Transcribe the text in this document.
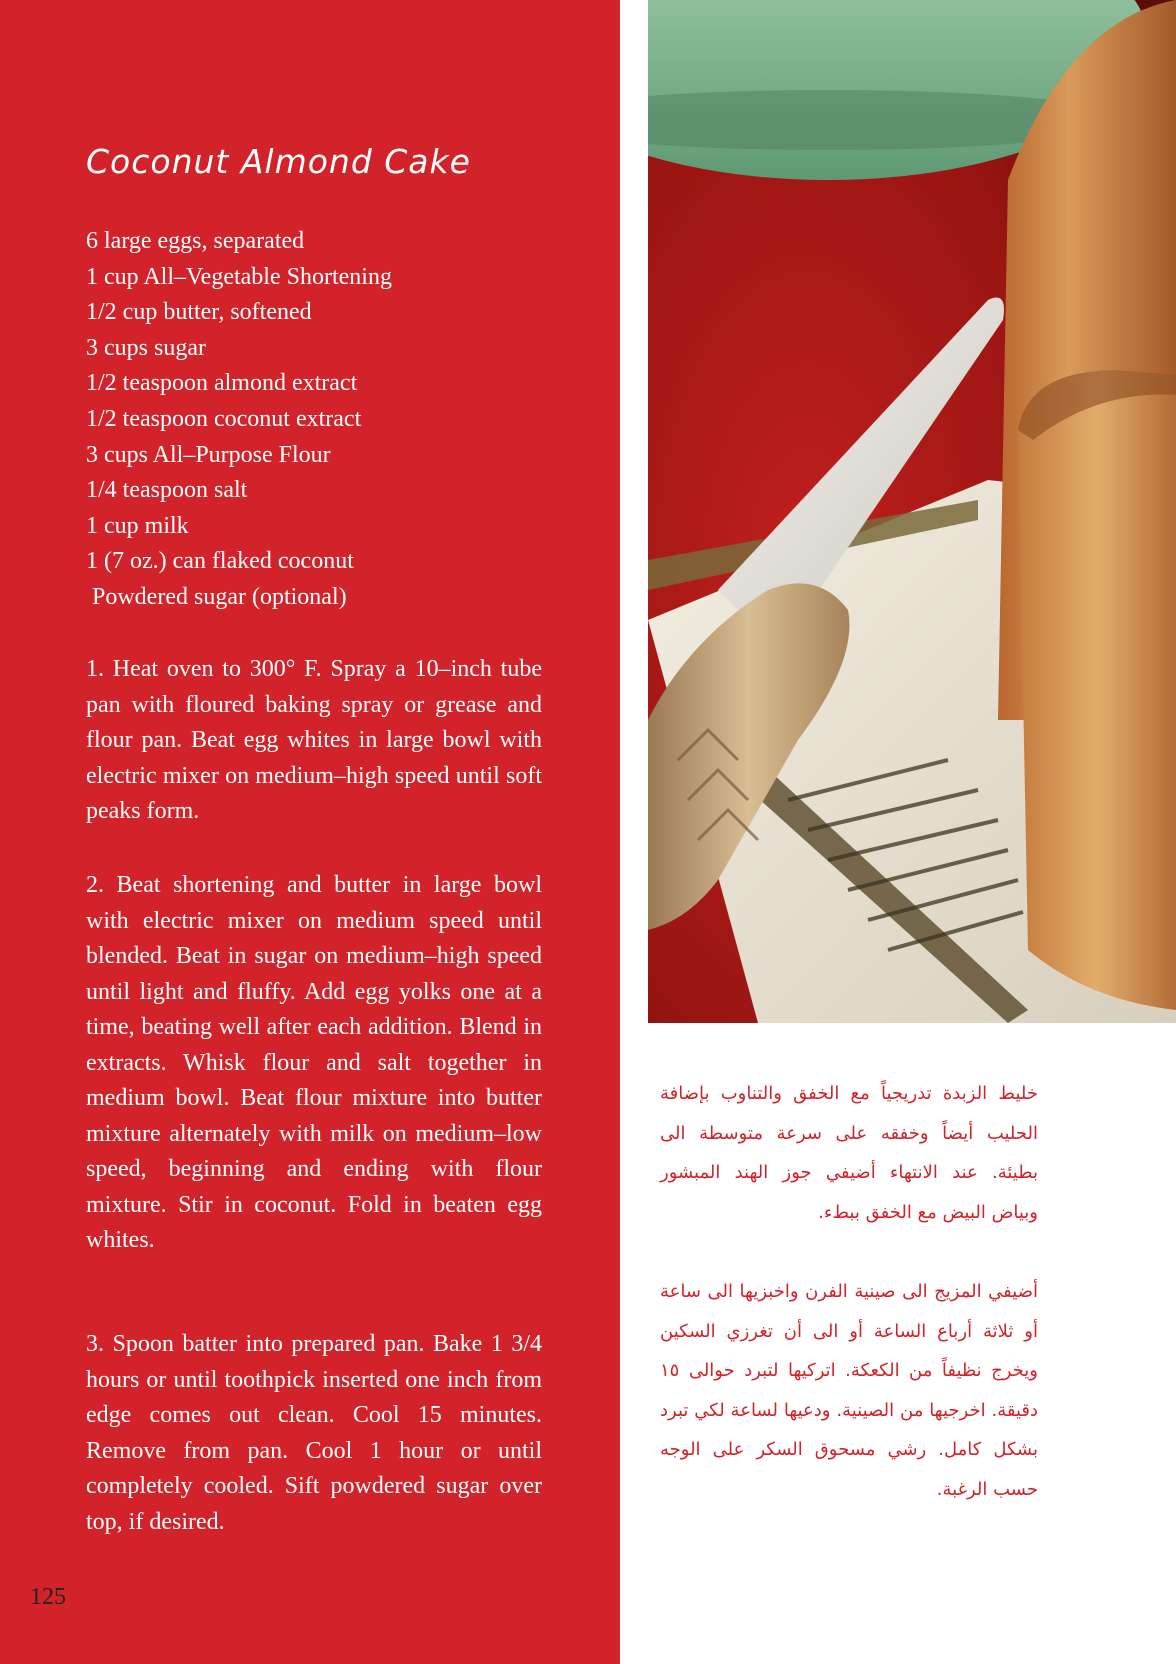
Coconut Almond Cake
6 large eggs, separated
1 cup All–Vegetable Shortening
1/2 cup butter, softened
3 cups sugar
1/2 teaspoon almond extract
1/2 teaspoon coconut extract
3 cups All–Purpose Flour
1/4 teaspoon salt
1 cup milk
1 (7 oz.) can flaked coconut
Powdered sugar (optional)

1. Heat oven to 300° F. Spray a 10–inch tube pan with floured baking spray or grease and flour pan. Beat egg whites in large bowl with electric mixer on medium–high speed until soft peaks form.

2. Beat shortening and butter in large bowl with electric mixer on medium speed until blended. Beat in sugar on medium–high speed until light and fluffy. Add egg yolks one at a time, beating well after each addition. Blend in extracts. Whisk flour and salt together in medium bowl. Beat flour mixture into butter mixture alternately with milk on medium–low speed, beginning and ending with flour mixture. Stir in coconut. Fold in beaten egg whites.

3. Spoon batter into prepared pan. Bake 1 3/4 hours or until toothpick inserted one inch from edge comes out clean. Cool 15 minutes. Remove from pan. Cool 1 hour or until completely cooled. Sift powdered sugar over top, if desired.

125

خليط الزبدة تدريجياً مع الخفق والتناوب بإضافة الحليب أيضاً وخفقه على سرعة متوسطة الى بطيئة. عند الانتهاء أضيفي جوز الهند المبشور وبياض البيض مع الخفق ببطء.

أضيفي المزيج الى صينية الفرن واخبزيها الى ساعة أو ثلاثة أرباع الساعة أو الى أن تغرزي السكين ويخرج نظيفاً من الكعكة. اتركيها لتبرد حوالى ١٥ دقيقة. اخرجيها من الصينية. ودعيها لساعة لكي تبرد بشكل كامل. رشي مسحوق السكر على الوجه حسب الرغبة.
